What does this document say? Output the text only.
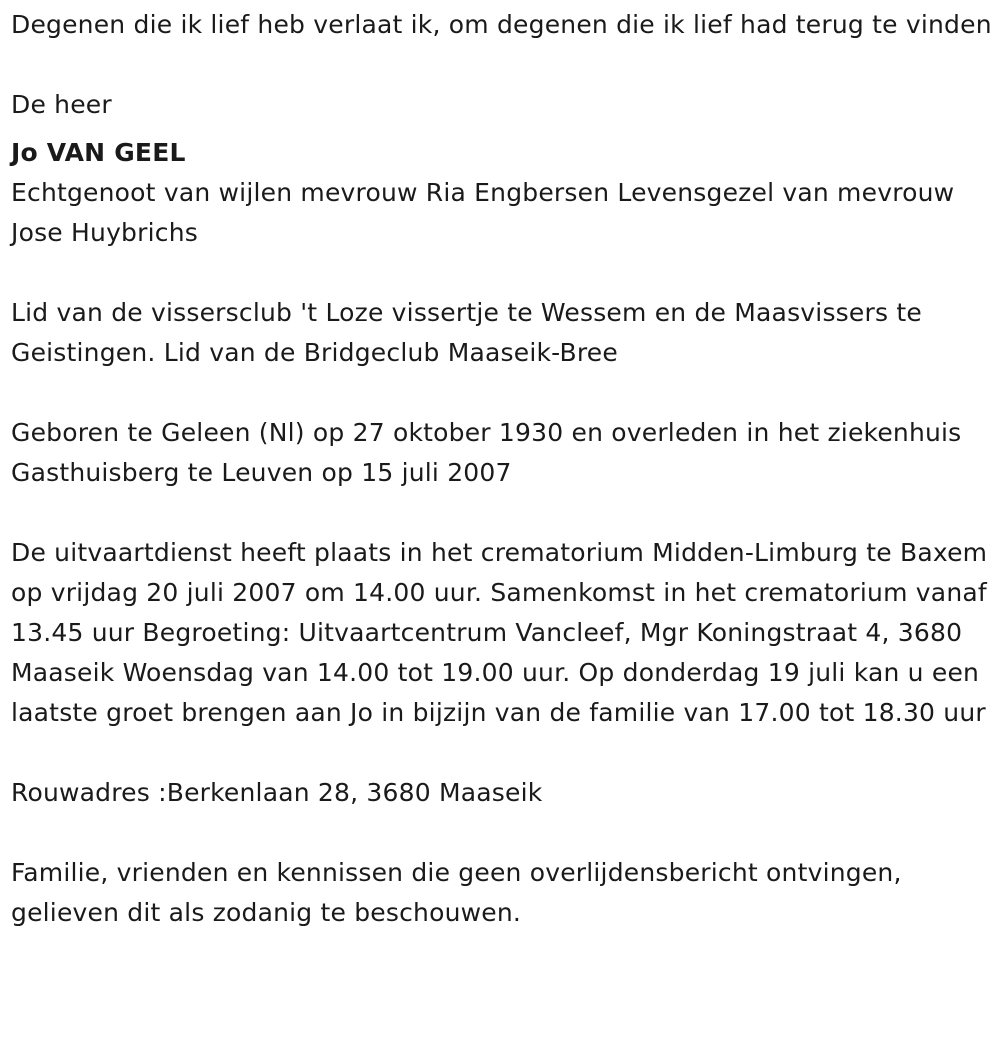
Degenen die ik lief heb verlaat ik, om degenen die ik lief had terug te vinden

De heer

Jo VAN GEEL

Echtgenoot van wijlen mevrouw Ria Engbersen Levensgezel van mevrouw Jose Huybrichs

Lid van de vissersclub 't Loze vissertje te Wessem en de Maasvissers te Geistingen. Lid van de Bridgeclub Maaseik-Bree

Geboren te Geleen (Nl) op 27 oktober 1930 en overleden in het ziekenhuis Gasthuisberg te Leuven op 15 juli 2007

De uitvaartdienst heeft plaats in het crematorium Midden-Limburg te Baxem op vrijdag 20 juli 2007 om 14.00 uur. Samenkomst in het crematorium vanaf 13.45 uur Begroeting: Uitvaartcentrum Vancleef, Mgr Koningstraat 4, 3680 Maaseik Woensdag van 14.00 tot 19.00 uur. Op donderdag 19 juli kan u een laatste groet brengen aan Jo in bijzijn van de familie van 17.00 tot 18.30 uur

Rouwadres :Berkenlaan 28, 3680 Maaseik

Familie, vrienden en kennissen die geen overlijdensbericht ontvingen, gelieven dit als zodanig te beschouwen.
